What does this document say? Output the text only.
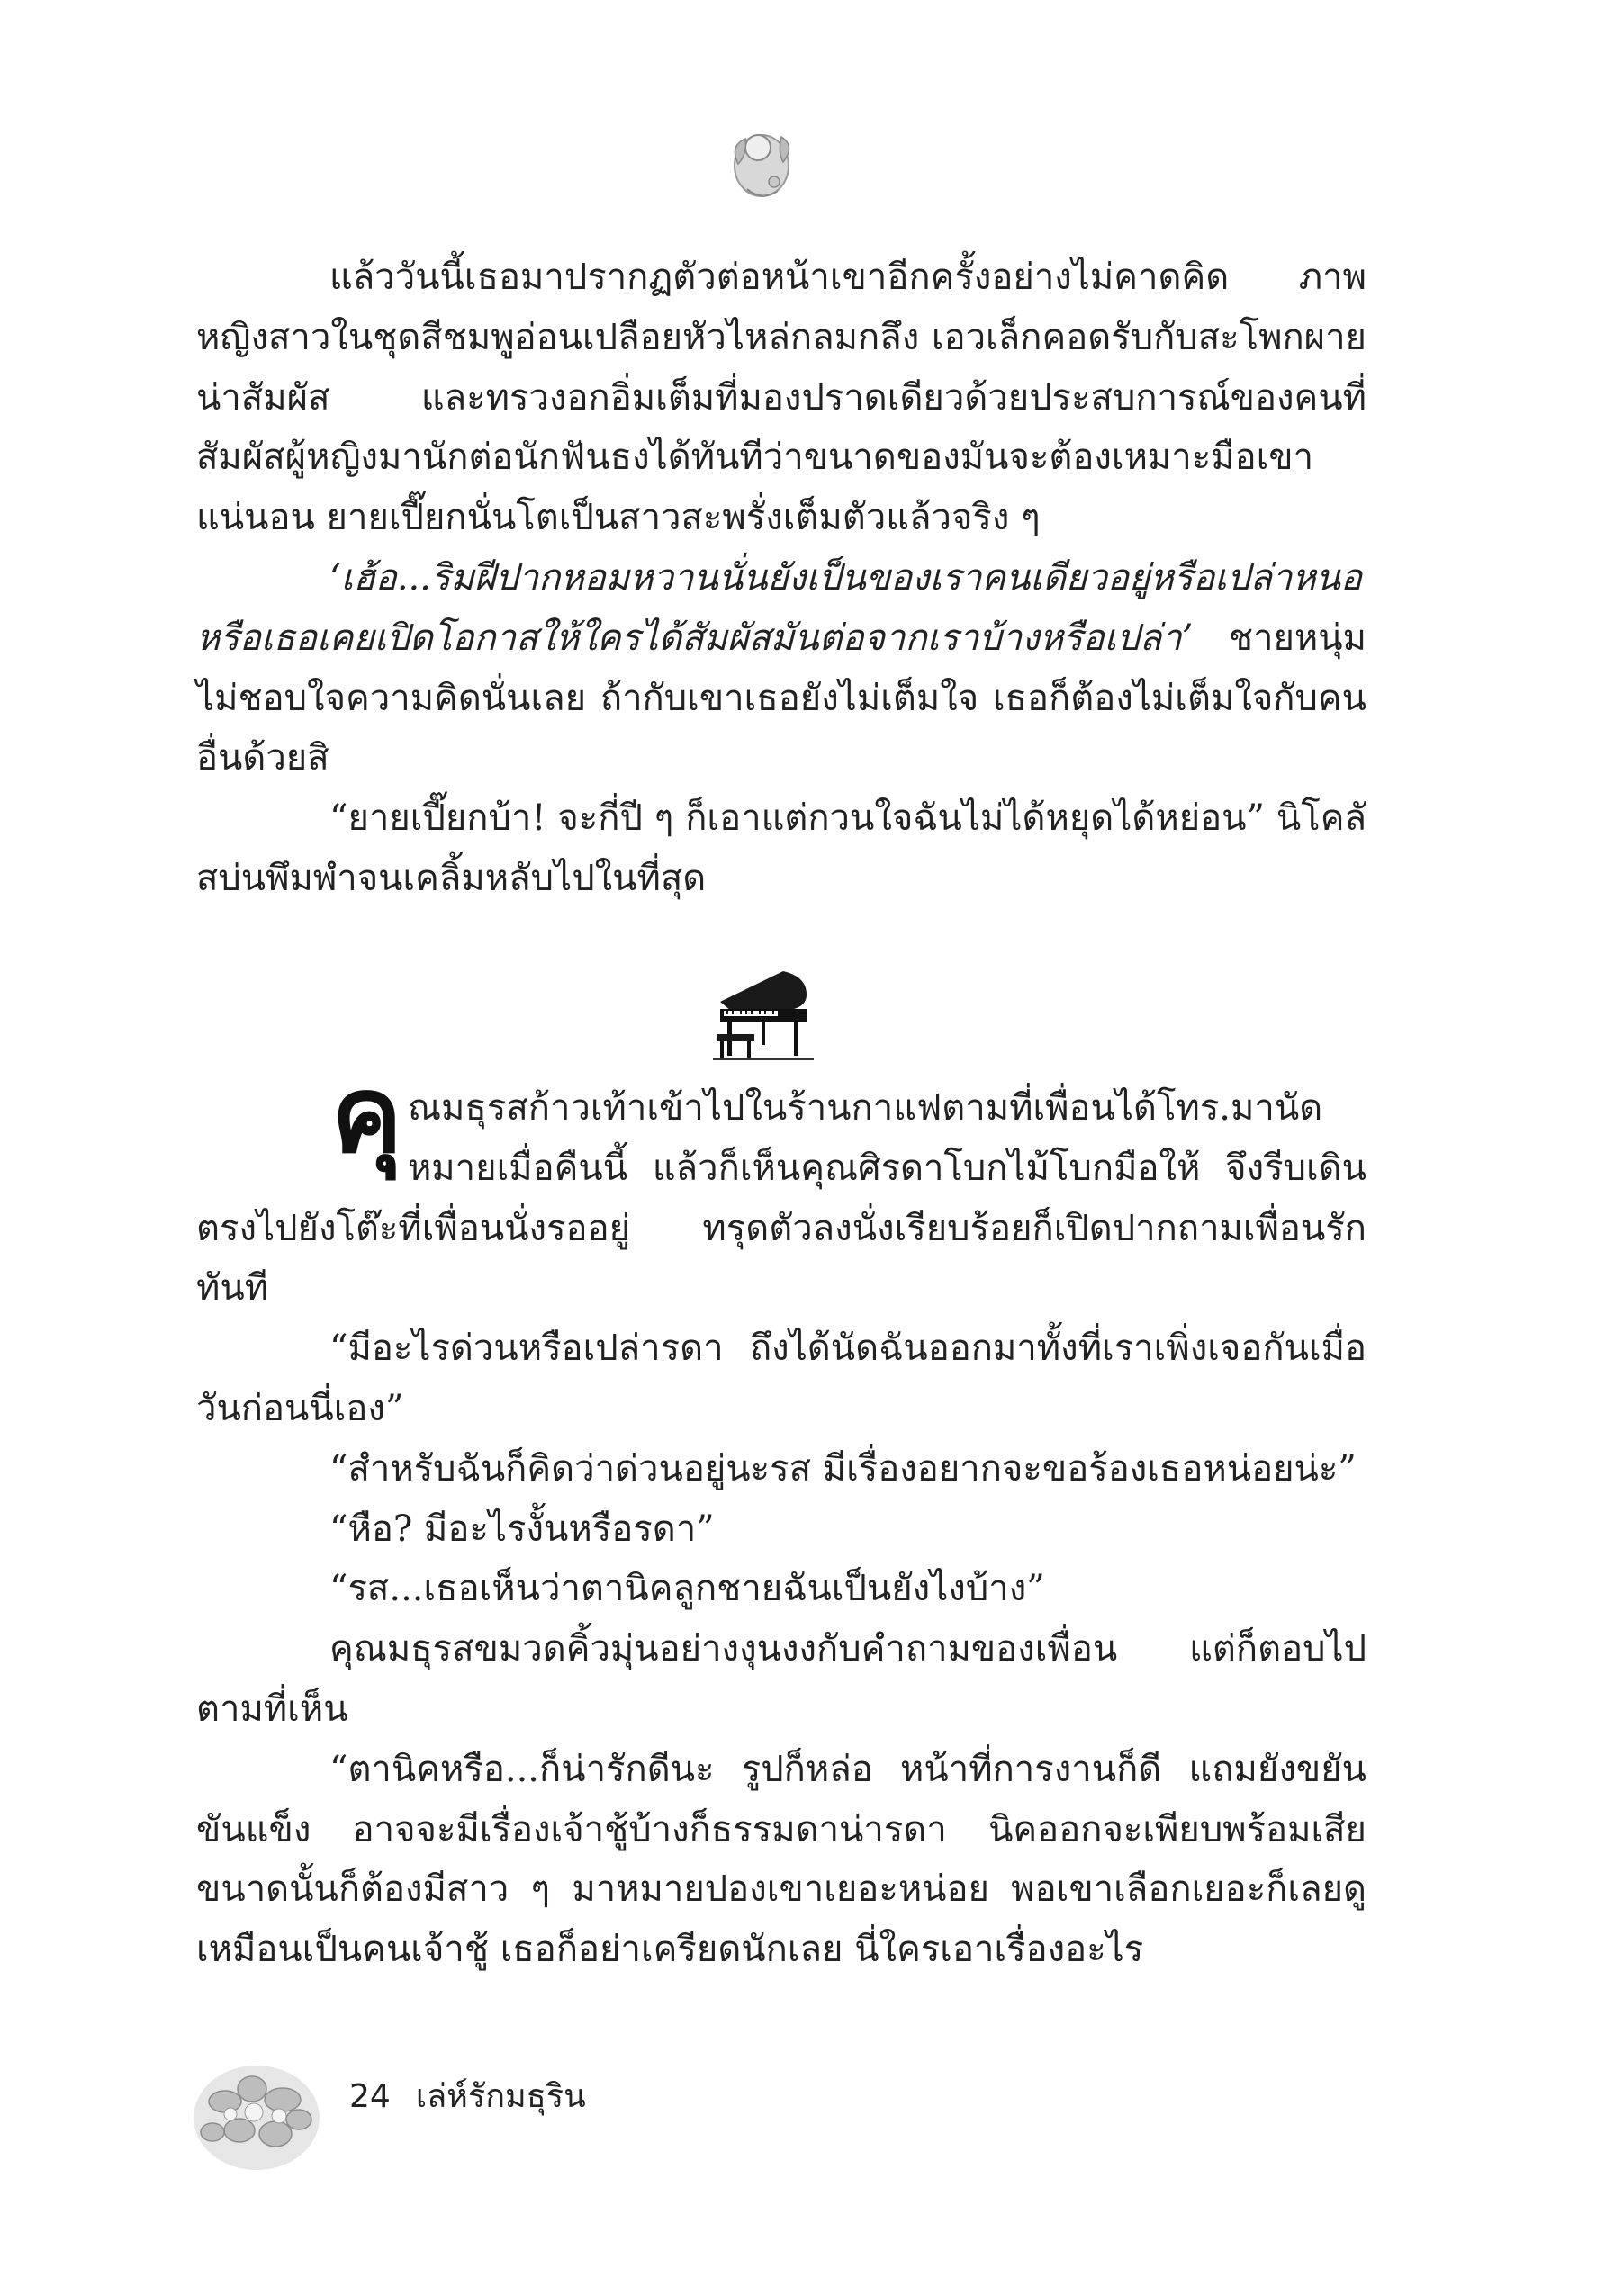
แล้ววันนี้เธอมาปรากฏตัวต่อหน้าเขาอีกครั้งอย่างไม่คาดคิด ภาพหญิงสาวในชุดสีชมพูอ่อนเปลือยหัวไหล่กลมกลึง เอวเล็กคอดรับกับสะโพกผายน่าสัมผัส และทรวงอกอิ่มเต็มที่มองปราดเดียวด้วยประสบการณ์ของคนที่สัมผัสผู้หญิงมานักต่อนักฟันธงได้ทันทีว่าขนาดของมันจะต้องเหมาะมือเขาแน่นอน ยายเปี๊ยกนั่นโตเป็นสาวสะพรั่งเต็มตัวแล้วจริง ๆ

‘เฮ้อ...ริมฝีปากหอมหวานนั่นยังเป็นของเราคนเดียวอยู่หรือเปล่าหนอ หรือเธอเคยเปิดโอกาสให้ใครได้สัมผัสมันต่อจากเราบ้างหรือเปล่า’ ชายหนุ่มไม่ชอบใจความคิดนั่นเลย ถ้ากับเขาเธอยังไม่เต็มใจ เธอก็ต้องไม่เต็มใจกับคนอื่นด้วยสิ

“ยายเปี๊ยกบ้า! จะกี่ปี ๆ ก็เอาแต่กวนใจฉันไม่ได้หยุดได้หย่อน” นิโคลัสบ่นพึมพำจนเคลิ้มหลับไปในที่สุด

คุณมธุรสก้าวเท้าเข้าไปในร้านกาแฟตามที่เพื่อนได้โทร.มานัดหมายเมื่อคืนนี้ แล้วก็เห็นคุณศิรดาโบกไม้โบกมือให้ จึงรีบเดินตรงไปยังโต๊ะที่เพื่อนนั่งรออยู่ ทรุดตัวลงนั่งเรียบร้อยก็เปิดปากถามเพื่อนรักทันที

“มีอะไรด่วนหรือเปล่ารดา ถึงได้นัดฉันออกมาทั้งที่เราเพิ่งเจอกันเมื่อวันก่อนนี่เอง”

“สำหรับฉันก็คิดว่าด่วนอยู่นะรส มีเรื่องอยากจะขอร้องเธอหน่อยน่ะ”

“หือ? มีอะไรงั้นหรือรดา”

“รส...เธอเห็นว่าตานิคลูกชายฉันเป็นยังไงบ้าง”

คุณมธุรสขมวดคิ้วมุ่นอย่างงุนงงกับคำถามของเพื่อน แต่ก็ตอบไปตามที่เห็น

“ตานิคหรือ...ก็น่ารักดีนะ รูปก็หล่อ หน้าที่การงานก็ดี แถมยังขยันขันแข็ง อาจจะมีเรื่องเจ้าชู้บ้างก็ธรรมดาน่ารดา นิคออกจะเพียบพร้อมเสียขนาดนั้นก็ต้องมีสาว ๆ มาหมายปองเขาเยอะหน่อย พอเขาเลือกเยอะก็เลยดูเหมือนเป็นคนเจ้าชู้ เธอก็อย่าเครียดนักเลย นี่ใครเอาเรื่องอะไร

24 เล่ห์รักมธุริน
